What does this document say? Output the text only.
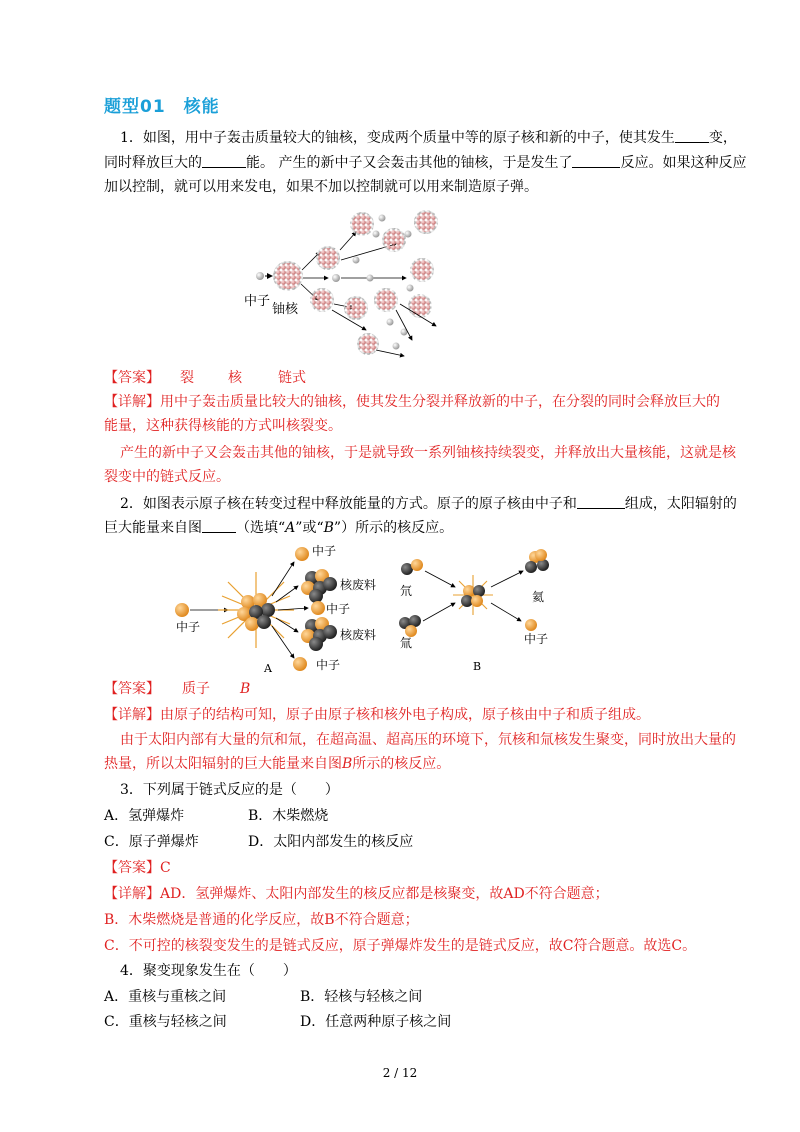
题型01　核能
1．如图，用中子轰击质量较大的铀核，变成两个质量中等的原子核和新的中子，使其发生 变，
同时释放巨大的	能。 产生的新中子又会轰击其他的铀核，于是发生了	反应。如果这种反应
加以控制，就可以用来发电，如果不加以控制就可以用来制造原子弹。
中子
铀核
【答案】 裂 核	链式
【详解】用中子轰击质量比较大的铀核，使其发生分裂并释放新的中子，在分裂的同时会释放巨大的
能量，这种获得核能的方式叫核裂变。
产生的新中子又会轰击其他的铀核，于是就导致一系列铀核持续裂变，并释放出大量核能，这就是核
裂变中的链式反应。
2．如图表示原子核在转变过程中释放能量的方式。原子的原子核由中子和	组成，太阳辐射的
巨大能量来自图 （选填“A”或“B”）所示的核反应。
中子
中子
核废料
中子
核废料
中子
A
氘
氚
氦
中子
B
【答案】 质子 B
【详解】由原子的结构可知，原子由原子核和核外电子构成，原子核由中子和质子组成。
由于太阳内部有大量的氘和氚，在超高温、超高压的环境下，氘核和氚核发生聚变，同时放出大量的
热量，所以太阳辐射的巨大能量来自图B所示的核反应。
3．下列属于链式反应的是（　　）
A．氢弹爆炸	B．木柴燃烧
C．原子弹爆炸	D．太阳内部发生的核反应
【答案】C
【详解】AD．氢弹爆炸、太阳内部发生的核反应都是核聚变，故AD不符合题意；
B．木柴燃烧是普通的化学反应，故B不符合题意；
C．不可控的核裂变发生的是链式反应，原子弹爆炸发生的是链式反应，故C符合题意。故选C。
4．聚变现象发生在（　　）
A．重核与重核之间	B．轻核与轻核之间
C．重核与轻核之间	D．任意两种原子核之间
2 / 12
